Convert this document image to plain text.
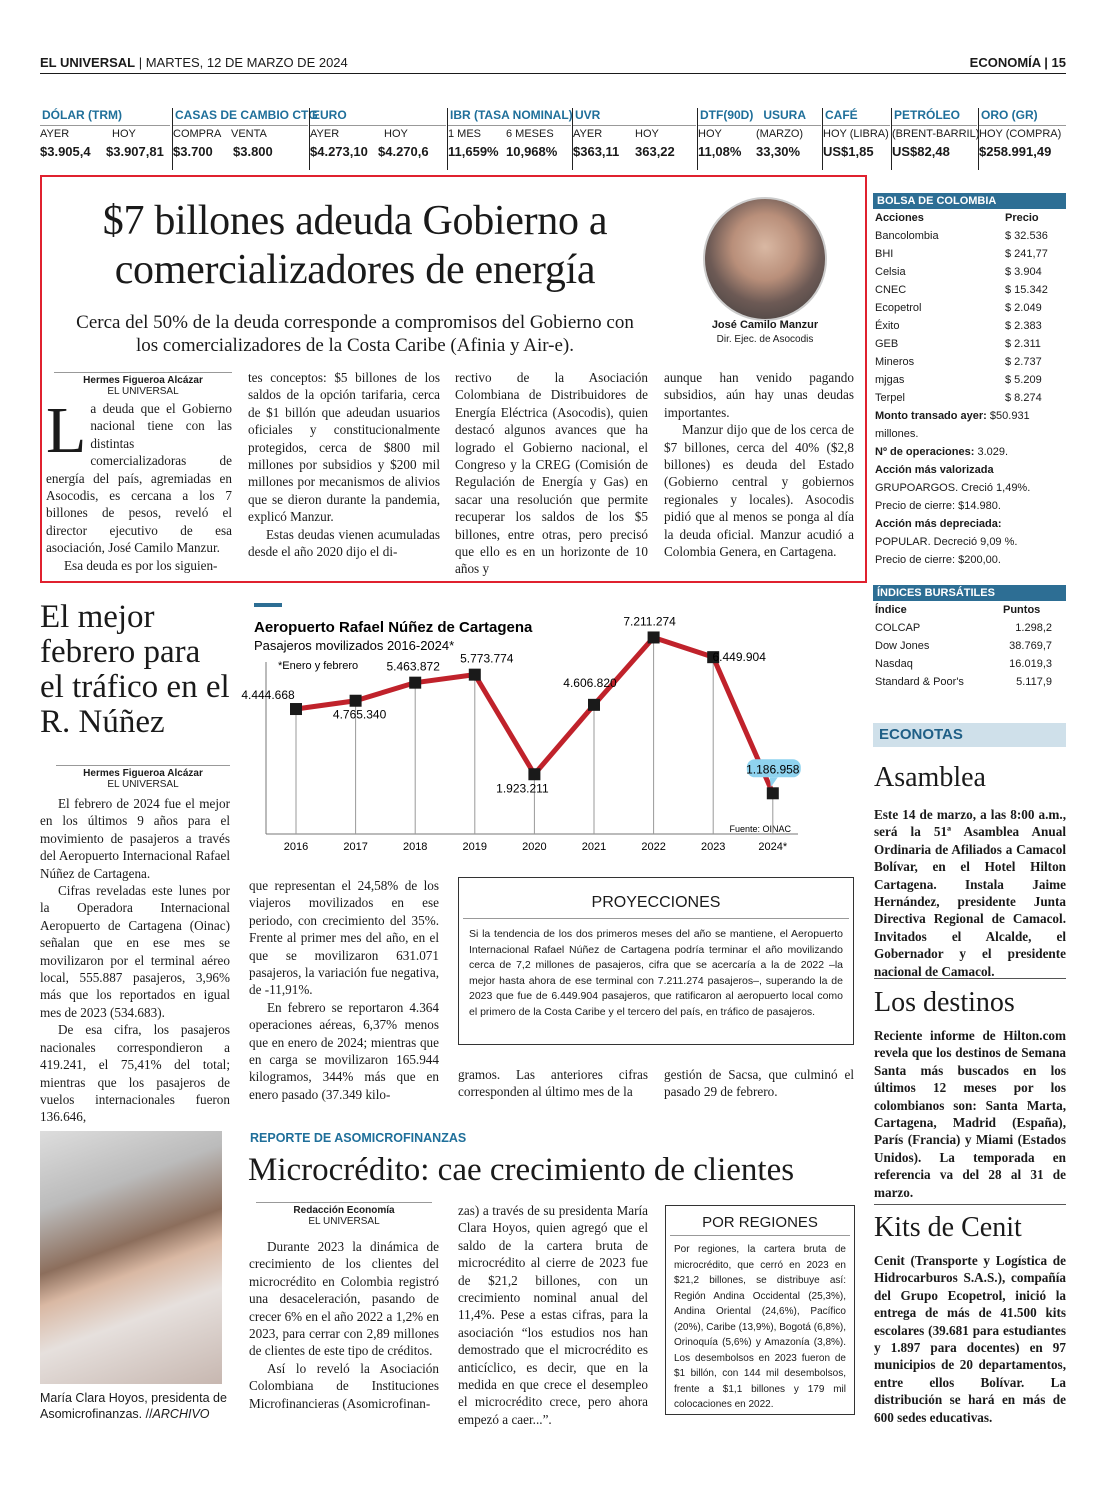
EL UNIVERSAL | MARTES, 12 DE MARZO DE 2024	ECONOMÍA | 15
DÓLAR (TRM)
AYER	HOY
$3.905,4 $3.907,81
CASAS DE CAMBIO CTG
COMPRA VENTA
$3.700 $3.800
EURO
AYER	HOY
$4.273,10 $4.270,6
IBR (TASA NOMINAL)
1 MES 6 MESES
11,659% 10,968%
UVR
AYER	HOY
$363,11 363,22
DTF(90D)   USURA
HOY	(MARZO)
11,08% 33,30%
CAFÉ
HOY (LIBRA)
US$1,85
PETRÓLEO
(BRENT-BARRIL)
US$82,48
ORO (GR)
HOY (COMPRA)
$258.991,49
$7 billones adeuda Gobierno a comercializadores de energía
Cerca del 50% de la deuda corresponde a compromisos del Gobierno con los comercializadores de la Costa Caribe (Afinia y Air-e).
José Camilo Manzur
Dir. Ejec. de Asocodis
Hermes Figueroa Alcázar
EL UNIVERSAL
La deuda que el Gobierno nacional tiene con las distintas comercializadoras de energía del país, agremiadas en Asocodis, es cercana a los 7 billones de pesos, reveló el director ejecutivo de esa asociación, José Camilo Manzur.

Esa deuda es por los siguien-

tes conceptos: $5 billones de los saldos de la opción tarifaria, cerca de $1 billón que adeudan usuarios oficiales y constitucionalmente protegidos, cerca de $800 mil millones por subsidios y $200 mil millones por mecanismos de alivios que se dieron durante la pandemia, explicó Manzur.

Estas deudas vienen acumuladas desde el año 2020 dijo el di-

rectivo de la Asociación Colombiana de Distribuidores de Energía Eléctrica (Asocodis), quien destacó algunos avances que ha logrado el Gobierno nacional, el Congreso y la CREG (Comisión de Regulación de Energía y Gas) en sacar una resolución que permite recuperar los saldos de los $5 billones, entre otras, pero precisó que ello es en un horizonte de 10 años y
aunque han venido pagando subsidios, aún hay unas deudas importantes.

Manzur dijo que de los cerca de $7 billones, cerca del 40% ($2,8 billones) es deuda del Estado (Gobierno central y gobiernos regionales y locales). Asocodis pidió que al menos se ponga al día la deuda oficial. Manzur acudió a Colombia Genera, en Cartagena.

BOLSA DE COLOMBIA
Acciones	Precio
Bancolombia	$ 32.536
BHI	$ 241,77
Celsia	$ 3.904
CNEC	$ 15.342
Ecopetrol	$ 2.049
Éxito	$ 2.383
GEB	$ 2.311
Mineros	$ 2.737
mjgas	$ 5.209
Terpel	$ 8.274
Monto transado ayer: $50.931 millones.
Nº de operaciones: 3.029.
Acción más valorizada
GRUPOARGOS. Creció 1,49%.
Precio de cierre: $14.980.
Acción más depreciada:
POPULAR. Decreció 9,09 %.
Precio de cierre: $200,00.
ÍNDICES BURSÁTILES
Índice	Puntos
COLCAP	1.298,2
Dow Jones	38.769,7
Nasdaq	16.019,3
Standard & Poor's	5.117,9
ECONOTAS
Asamblea
Este 14 de marzo, a las 8:00 a.m., será la 51ª Asamblea Anual Ordinaria de Afiliados a Camacol Bolívar, en el Hotel Hilton Cartagena. Instala Jaime Hernández, presidente Junta Directiva Regional de Camacol. Invitados el Alcalde, el Gobernador y el presidente nacional de Camacol.
Los destinos
Reciente informe de Hilton.com revela que los destinos de Semana Santa más buscados en los últimos 12 meses por los colombianos son: Santa Marta, Cartagena, Madrid (España), París (Francia) y Miami (Estados Unidos). La temporada en referencia va del 28 al 31 de marzo.
Kits de Cenit
Cenit (Transporte y Logística de Hidrocarburos S.A.S.), compañía del Grupo Ecopetrol, inició la entrega de más de 41.500 kits escolares (39.681 para estudiantes y 1.897 para docentes) en 97 municipios de 20 departamentos, entre ellos Bolívar. La distribución se hará en más de 600 sedes educativas.
El mejor febrero para el tráfico en el R. Núñez
Hermes Figueroa Alcázar
EL UNIVERSAL

El febrero de 2024 fue el mejor en los últimos 9 años para el movimiento de pasajeros a través del Aeropuerto Internacional Rafael Núñez de Cartagena.

Cifras reveladas este lunes por la Operadora Internacional Aeropuerto de Cartagena (Oinac) señalan que en ese mes se movilizaron por el terminal aéreo local, 555.887 pasajeros, 3,96% más que los reportados en igual mes de 2023 (534.683).

De esa cifra, los pasajeros nacionales correspondieron a 419.241, el 75,41% del total; mientras que los pasajeros de vuelos internacionales fueron 136.646,

que representan el 24,58% de los viajeros movilizados en ese periodo, con crecimiento del 35%. Frente al primer mes del año, en el que se movilizaron 631.071 pasajeros, la variación fue negativa, de -11,91%.

En febrero se reportaron 4.364 operaciones aéreas, 6,37% menos que en enero de 2024; mientras que en carga se movilizaron 165.944 kilogramos, 344% más que en enero pasado (37.349 kilo-

PROYECCIONES
Si la tendencia de los dos primeros meses del año se mantiene, el Aeropuerto Internacional Rafael Núñez de Cartagena podría terminar el año movilizando cerca de 7,2 millones de pasajeros, cifra que se acercaría a la de 2022 –la mejor hasta ahora de ese terminal con 7.211.274 pasajeros–, superando la de 2023 que fue de 6.449.904 pasajeros, que ratificaron al aeropuerto local como el primero de la Costa Caribe y el tercero del país, en tráfico de pasajeros.
gramos. Las anteriores cifras corresponden al último mes de la
gestión de Sacsa, que culminó el pasado 29 de febrero.
Aeropuerto Rafael Núñez de Cartagena
Pasajeros movilizados 2016-2024*
*Enero y febrero
Fuente: OINAC
2016	2017	2018	2019	2020	2021	2022	2023	2024*
4.444.668
4.765.340
5.463.872
5.773.774
1.923.211
4.606.820
7.211.274
6.449.904
1.186.958
María Clara Hoyos, presidenta de Asomicrofinanzas. //ARCHIVO
REPORTE DE ASOMICROFINANZAS
Microcrédito: cae crecimiento de clientes
Redacción Economía
EL UNIVERSAL

Durante 2023 la dinámica de crecimiento de los clientes del microcrédito en Colombia registró una desaceleración, pasando de crecer 6% en el año 2022 a 1,2% en 2023, para cerrar con 2,89 millones de clientes de este tipo de créditos.

Así lo reveló la Asociación Colombiana de Instituciones Microfinancieras (Asomicrofinan-

zas) a través de su presidenta María Clara Hoyos, quien agregó que el saldo de la cartera bruta de microcrédito al cierre de 2023 fue de $21,2 billones, con un crecimiento nominal anual del 11,4%. Pese a estas cifras, para la asociación “los estudios nos han demostrado que el microcrédito es anticíclico, es decir, que en la medida en que crece el desempleo el microcrédito crece, pero ahora empezó a caer...”.
POR REGIONES
Por regiones, la cartera bruta de microcrédito, que cerró en 2023 en $21,2 billones, se distribuye así: Región Andina Occidental (25,3%), Andina Oriental (24,6%), Pacífico (20%), Caribe (13,9%), Bogotá (6,8%), Orinoquía (5,6%) y Amazonía (3,8%). Los desembolsos en 2023 fueron de $1 billón, con 144 mil desembolsos, frente a $1,1 billones y 179 mil colocaciones en 2022.
